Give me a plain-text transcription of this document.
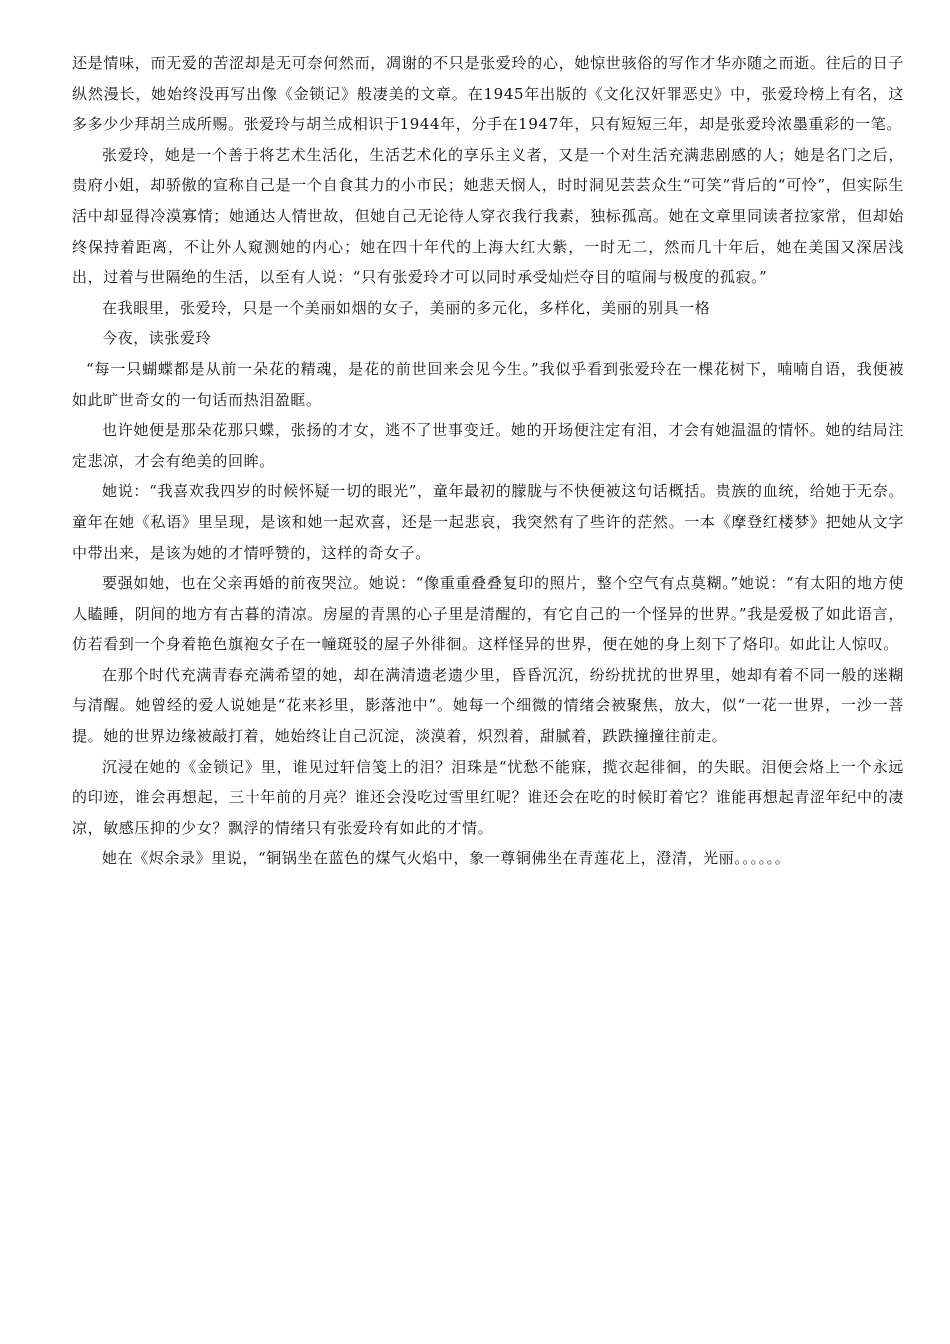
还是情味，而无爱的苦涩却是无可奈何然而，凋谢的不只是张爱玲的心，她惊世骇俗的写作才华亦随之而逝。往后的日子纵然漫长，她始终没再写出像《金锁记》般凄美的文章。在1945年出版的《文化汉奸罪恶史》中，张爱玲榜上有名，这多多少少拜胡兰成所赐。张爱玲与胡兰成相识于1944年，分手在1947年，只有短短三年，却是张爱玲浓墨重彩的一笔。

张爱玲，她是一个善于将艺术生活化，生活艺术化的享乐主义者，又是一个对生活充满悲剧感的人；她是名门之后，贵府小姐，却骄傲的宣称自己是一个自食其力的小市民；她悲天悯人，时时洞见芸芸众生“可笑”背后的“可怜”，但实际生活中却显得冷漠寡情；她通达人情世故，但她自己无论待人穿衣我行我素，独标孤高。她在文章里同读者拉家常，但却始终保持着距离，不让外人窥测她的内心；她在四十年代的上海大红大紫，一时无二，然而几十年后，她在美国又深居浅出，过着与世隔绝的生活，以至有人说：“只有张爱玲才可以同时承受灿烂夺目的喧闹与极度的孤寂。”

在我眼里，张爱玲，只是一个美丽如烟的女子，美丽的多元化，多样化，美丽的别具一格

今夜，读张爱玲

“每一只蝴蝶都是从前一朵花的精魂，是花的前世回来会见今生。”我似乎看到张爱玲在一棵花树下，喃喃自语，我便被如此旷世奇女的一句话而热泪盈眶。

也许她便是那朵花那只蝶，张扬的才女，逃不了世事变迁。她的开场便注定有泪，才会有她温温的情怀。她的结局注定悲凉，才会有绝美的回眸。

她说：“我喜欢我四岁的时候怀疑一切的眼光”，童年最初的朦胧与不快便被这句话概括。贵族的血统，给她于无奈。童年在她《私语》里呈现，是该和她一起欢喜，还是一起悲哀，我突然有了些许的茫然。一本《摩登红楼梦》把她从文字中带出来，是该为她的才情呼赞的，这样的奇女子。

要强如她，也在父亲再婚的前夜哭泣。她说：“像重重叠叠复印的照片，整个空气有点莫糊。”她说：“有太阳的地方使人瞌睡，阴间的地方有古暮的清凉。房屋的青黑的心子里是清醒的，有它自己的一个怪异的世界。”我是爱极了如此语言，仿若看到一个身着艳色旗袍女子在一幢斑驳的屋子外徘徊。这样怪异的世界，便在她的身上刻下了烙印。如此让人惊叹。

在那个时代充满青春充满希望的她，却在满清遗老遗少里，昏昏沉沉，纷纷扰扰的世界里，她却有着不同一般的迷糊与清醒。她曾经的爱人说她是“花来衫里，影落池中”。她每一个细微的情绪会被聚焦，放大，似“一花一世界，一沙一菩提。她的世界边缘被敲打着，她始终让自己沉淀，淡漠着，炽烈着，甜腻着，跌跌撞撞往前走。

沉浸在她的《金锁记》里，谁见过轩信笺上的泪？泪珠是“忧愁不能寐，揽衣起徘徊，的失眠。泪便会烙上一个永远的印迹，谁会再想起，三十年前的月亮？谁还会没吃过雪里红呢？谁还会在吃的时候盯着它？谁能再想起青涩年纪中的凄凉，敏感压抑的少女？飘浮的情绪只有张爱玲有如此的才情。

她在《烬余录》里说，“铜锅坐在蓝色的煤气火焰中，象一尊铜佛坐在青莲花上，澄清，光丽。。。。。。
